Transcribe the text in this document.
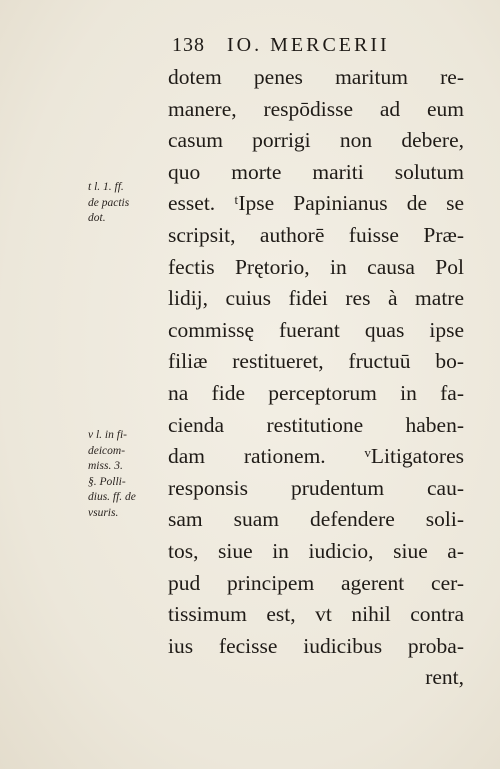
138 IO. MERCERII
t l. 1. ff.
de pactis
dot.
v l. in fi-
deicom-
miss. 3.
§. Polli-
dius. ff. de
vsuris.
dotem penes maritum re-
manere, respōdisse ad eum
casum porrigi non debere,
quo morte mariti solutum
esset. ᵗIpse Papinianus de se
scripsit, authorē fuisse Præ-
fectis Prętorio, in causa Pol
lidij, cuius fidei res à matre
commissę fuerant quas ipse
filiæ restitueret, fructuū bo-
na fide perceptorum in fa-
cienda restitutione haben-
dam rationem. ᵛLitigatores
responsis prudentum cau-
sam suam defendere soli-
tos, siue in iudicio, siue a-
pud principem agerent cer-
tissimum est, vt nihil contra
ius fecisse iudicibus proba-
rent,
